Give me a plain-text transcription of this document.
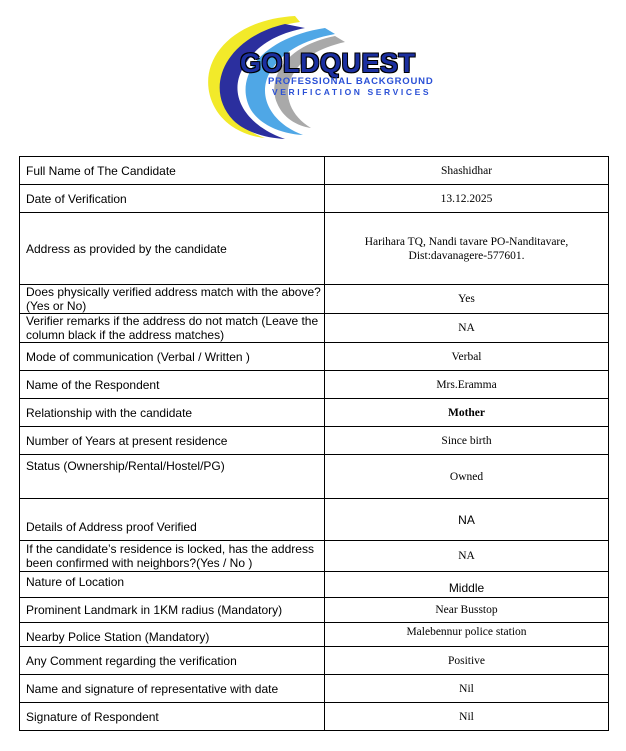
GOLDQUEST
PROFESSIONAL BACKGROUND
VERIFICATION SERVICES
Full Name of The Candidate	Shashidhar
Date of Verification	13.12.2025
Address as provided by the candidate	Harihara TQ, Nandi tavare PO-Nanditavare,
Dist:davanagere-577601.

Does physically verified address match with the above? (Yes or No)	Yes
Verifier remarks if the address do not match (Leave the column black if the address matches)	NA
Mode of communication (Verbal / Written )	Verbal
Name of the Respondent	Mrs.Eramma
Relationship with the candidate	Mother
Number of Years at present residence	Since birth
Status (Ownership/Rental/Hostel/PG)	Owned
Details of Address proof Verified	NA
If the candidate’s residence is locked, has the address been confirmed with neighbors?(Yes / No )	NA
Nature of Location	Middle
Prominent Landmark in 1KM radius (Mandatory)	Near Busstop
Nearby Police Station (Mandatory)	Malebennur police station
Any Comment regarding the verification	Positive
Name and signature of representative with date	Nil
Signature of Respondent	Nil
